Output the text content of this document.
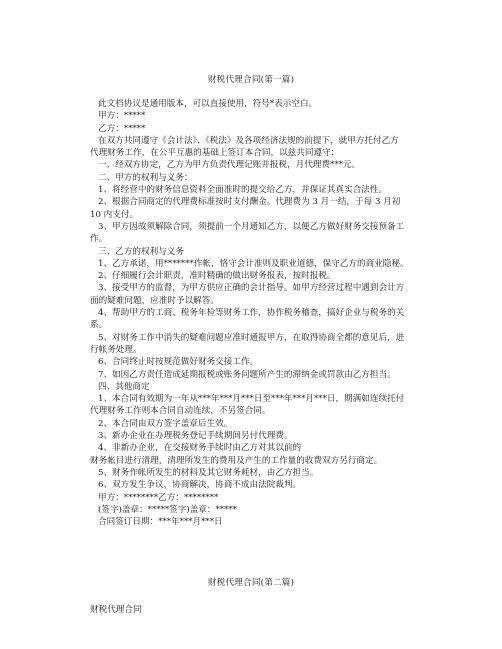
财税代理合同(第一篇)
此文档协议是通用版本，可以直接使用，符号*表示空白。
甲方：*****
乙方：*****
在双方共同遵守《会计法》、《税法》及各项经济法规的前提下，就甲方托付乙方
代理财务工作，在公平互惠的基础上签订本合同，以兹共同遵守：
一、经双方协定，乙方为甲方负责代理记账并报税，月代理费***元。
二、甲方的权利与义务：
1、将经营中的财务信息资料全面准时的提交给乙方，并保证其真实合法性。
2、根据合同商定的代理费标准按时支付酬金。代理费为 3 月一结，于每 3 月初
10 内支付。
3、甲方因故须解除合同，须提前一个月通知乙方，以便乙方做好财务交接预备工
作。
三、乙方的权利与义务
1、乙方承诺，用*******作帐，恪守会计准则及职业道德，保守乙方的商业隐秘。
2、仔细履行会计职责，准时精确的做出财务报表，按时报税。
3、接受甲方的监督，为甲方供应正确的会计指导。如甲方经营过程中遇到会计方
面的疑难问题，应准时予以解答。
4、帮助甲方的工商、税务年检等财务工作，协作税务稽查，搞好企业与税务的关
系。
5、对财务工作中消失的疑难问题应准时通报甲方，在取得协商全都的意见后，进
行帐务处理。
6、合同终止时按规范做好财务交接工作。
7、如因乙方责任造成延期报税或账务问题所产生的滞纳金或罚款由乙方担当。
四、其他商定
1、本合同有效期为一年从***年***月***日至***年***月***日，期满如连续托付
代理财务工作则本合同自动连续，不另签合同。
2、本合同由双方签字盖章后生效。
3、新办企业在办理税务登记手续期间另付代理费。
4、非新办企业，在交接财务手续时由乙方对其以前的
财务帐目进行清理，清理所发生的费用及产生的工作量的收费双方另行商定。
5、财务作帐所发生的材料及其它财务耗材，由乙方担当。
6、双方发生争议，协商解决，协商不成由法院裁判。
甲方：********乙方：********
(签字)盖章：*****签字)盖章：*****
合同签订日期：***年***月***日
财税代理合同(第二篇)
财税代理合同
